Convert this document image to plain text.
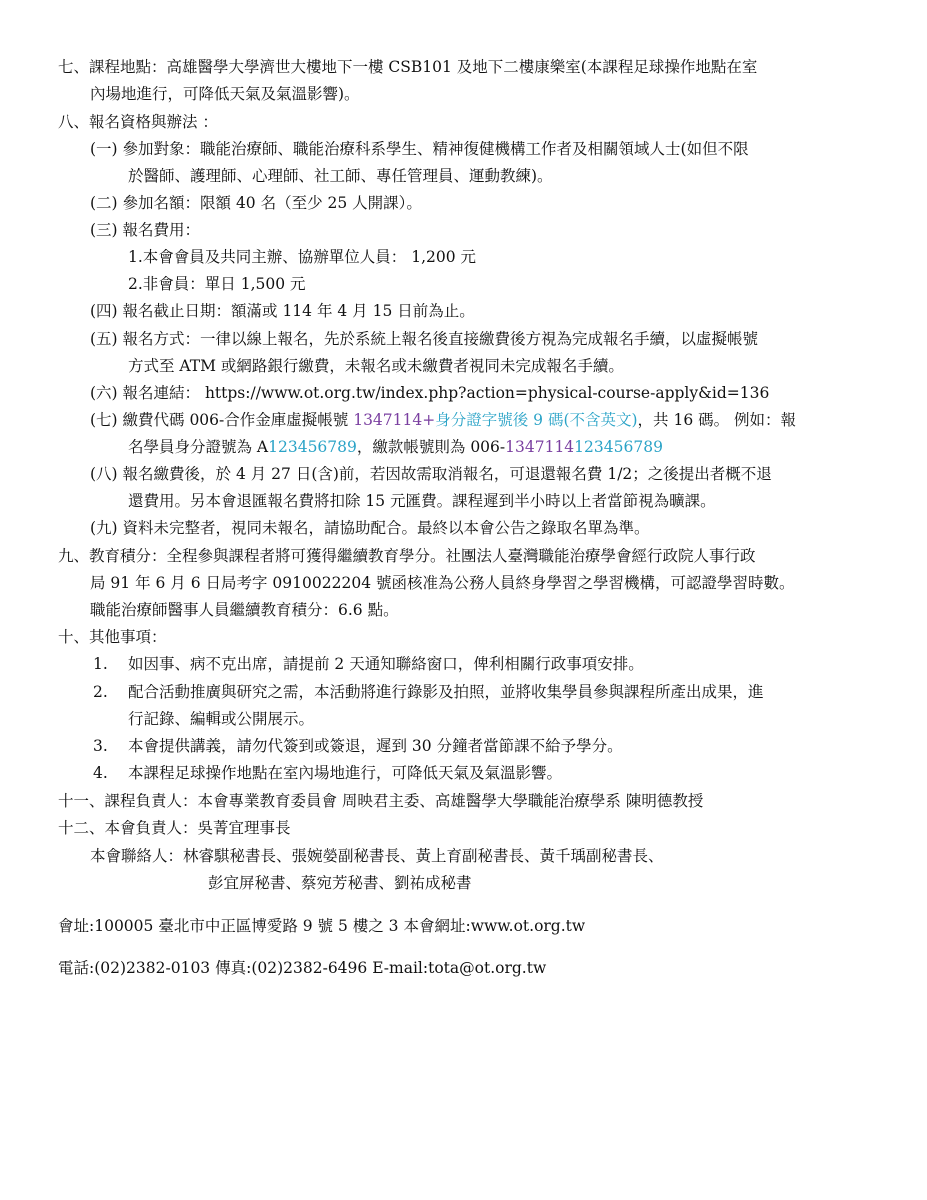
七、課程地點：高雄醫學大學濟世大樓地下一樓 CSB101 及地下二樓康樂室(本課程足球操作地點在室
內場地進行，可降低天氣及氣溫影響)。
八、報名資格與辦法 ：
(一) 參加對象：職能治療師、職能治療科系學生、精神復健機構工作者及相關領域人士(如但不限
於醫師、護理師、心理師、社工師、專任管理員、運動教練)。
(二) 參加名額：限額 40 名（至少 25 人開課）。
(三) 報名費用：
1.本會會員及共同主辦、協辦單位人員： 1,200 元
2.非會員：單日 1,500 元
(四) 報名截止日期：額滿或 114 年 4 月 15 日前為止。
(五) 報名方式：一律以線上報名，先於系統上報名後直接繳費後方視為完成報名手續，以虛擬帳號
方式至 ATM 或網路銀行繳費，未報名或未繳費者視同未完成報名手續。
(六) 報名連結： https://www.ot.org.tw/index.php?action=physical-course-apply&id=136
(七) 繳費代碼 006-合作金庫虛擬帳號 1347114+身分證字號後 9 碼(不含英文)，共 16 碼。 例如：報
名學員身分證號為 A123456789，繳款帳號則為 006-1347114123456789
(八) 報名繳費後，於 4 月 27 日(含)前，若因故需取消報名，可退還報名費 1/2；之後提出者概不退
還費用。另本會退匯報名費將扣除 15 元匯費。課程遲到半小時以上者當節視為曠課。
(九) 資料未完整者，視同未報名，請協助配合。最終以本會公告之錄取名單為準。
九、教育積分：全程參與課程者將可獲得繼續教育學分。社團法人臺灣職能治療學會經行政院人事行政
局 91 年 6 月 6 日局考字 0910022204 號函核准為公務人員終身學習之學習機構，可認證學習時數。
職能治療師醫事人員繼續教育積分：6.6 點。
十、其他事項：
1. 如因事、病不克出席，請提前 2 天通知聯絡窗口，俾利相關行政事項安排。
2. 配合活動推廣與研究之需，本活動將進行錄影及拍照，並將收集學員參與課程所產出成果，進
行記錄、編輯或公開展示。
3. 本會提供講義，請勿代簽到或簽退，遲到 30 分鐘者當節課不給予學分。
4. 本課程足球操作地點在室內場地進行，可降低天氣及氣溫影響。
十一、課程負責人：本會專業教育委員會 周映君主委、高雄醫學大學職能治療學系 陳明德教授
十二、本會負責人：吳菁宜理事長
本會聯絡人：林睿騏秘書長、張婉嫈副秘書長、黃上育副秘書長、黃千瑀副秘書長、
彭宜屏秘書、蔡宛芳秘書、劉祐成秘書
會址:100005 臺北市中正區博愛路 9 號 5 樓之 3 本會網址:www.ot.org.tw
電話:(02)2382-0103 傳真:(02)2382-6496 E-mail:tota@ot.org.tw
